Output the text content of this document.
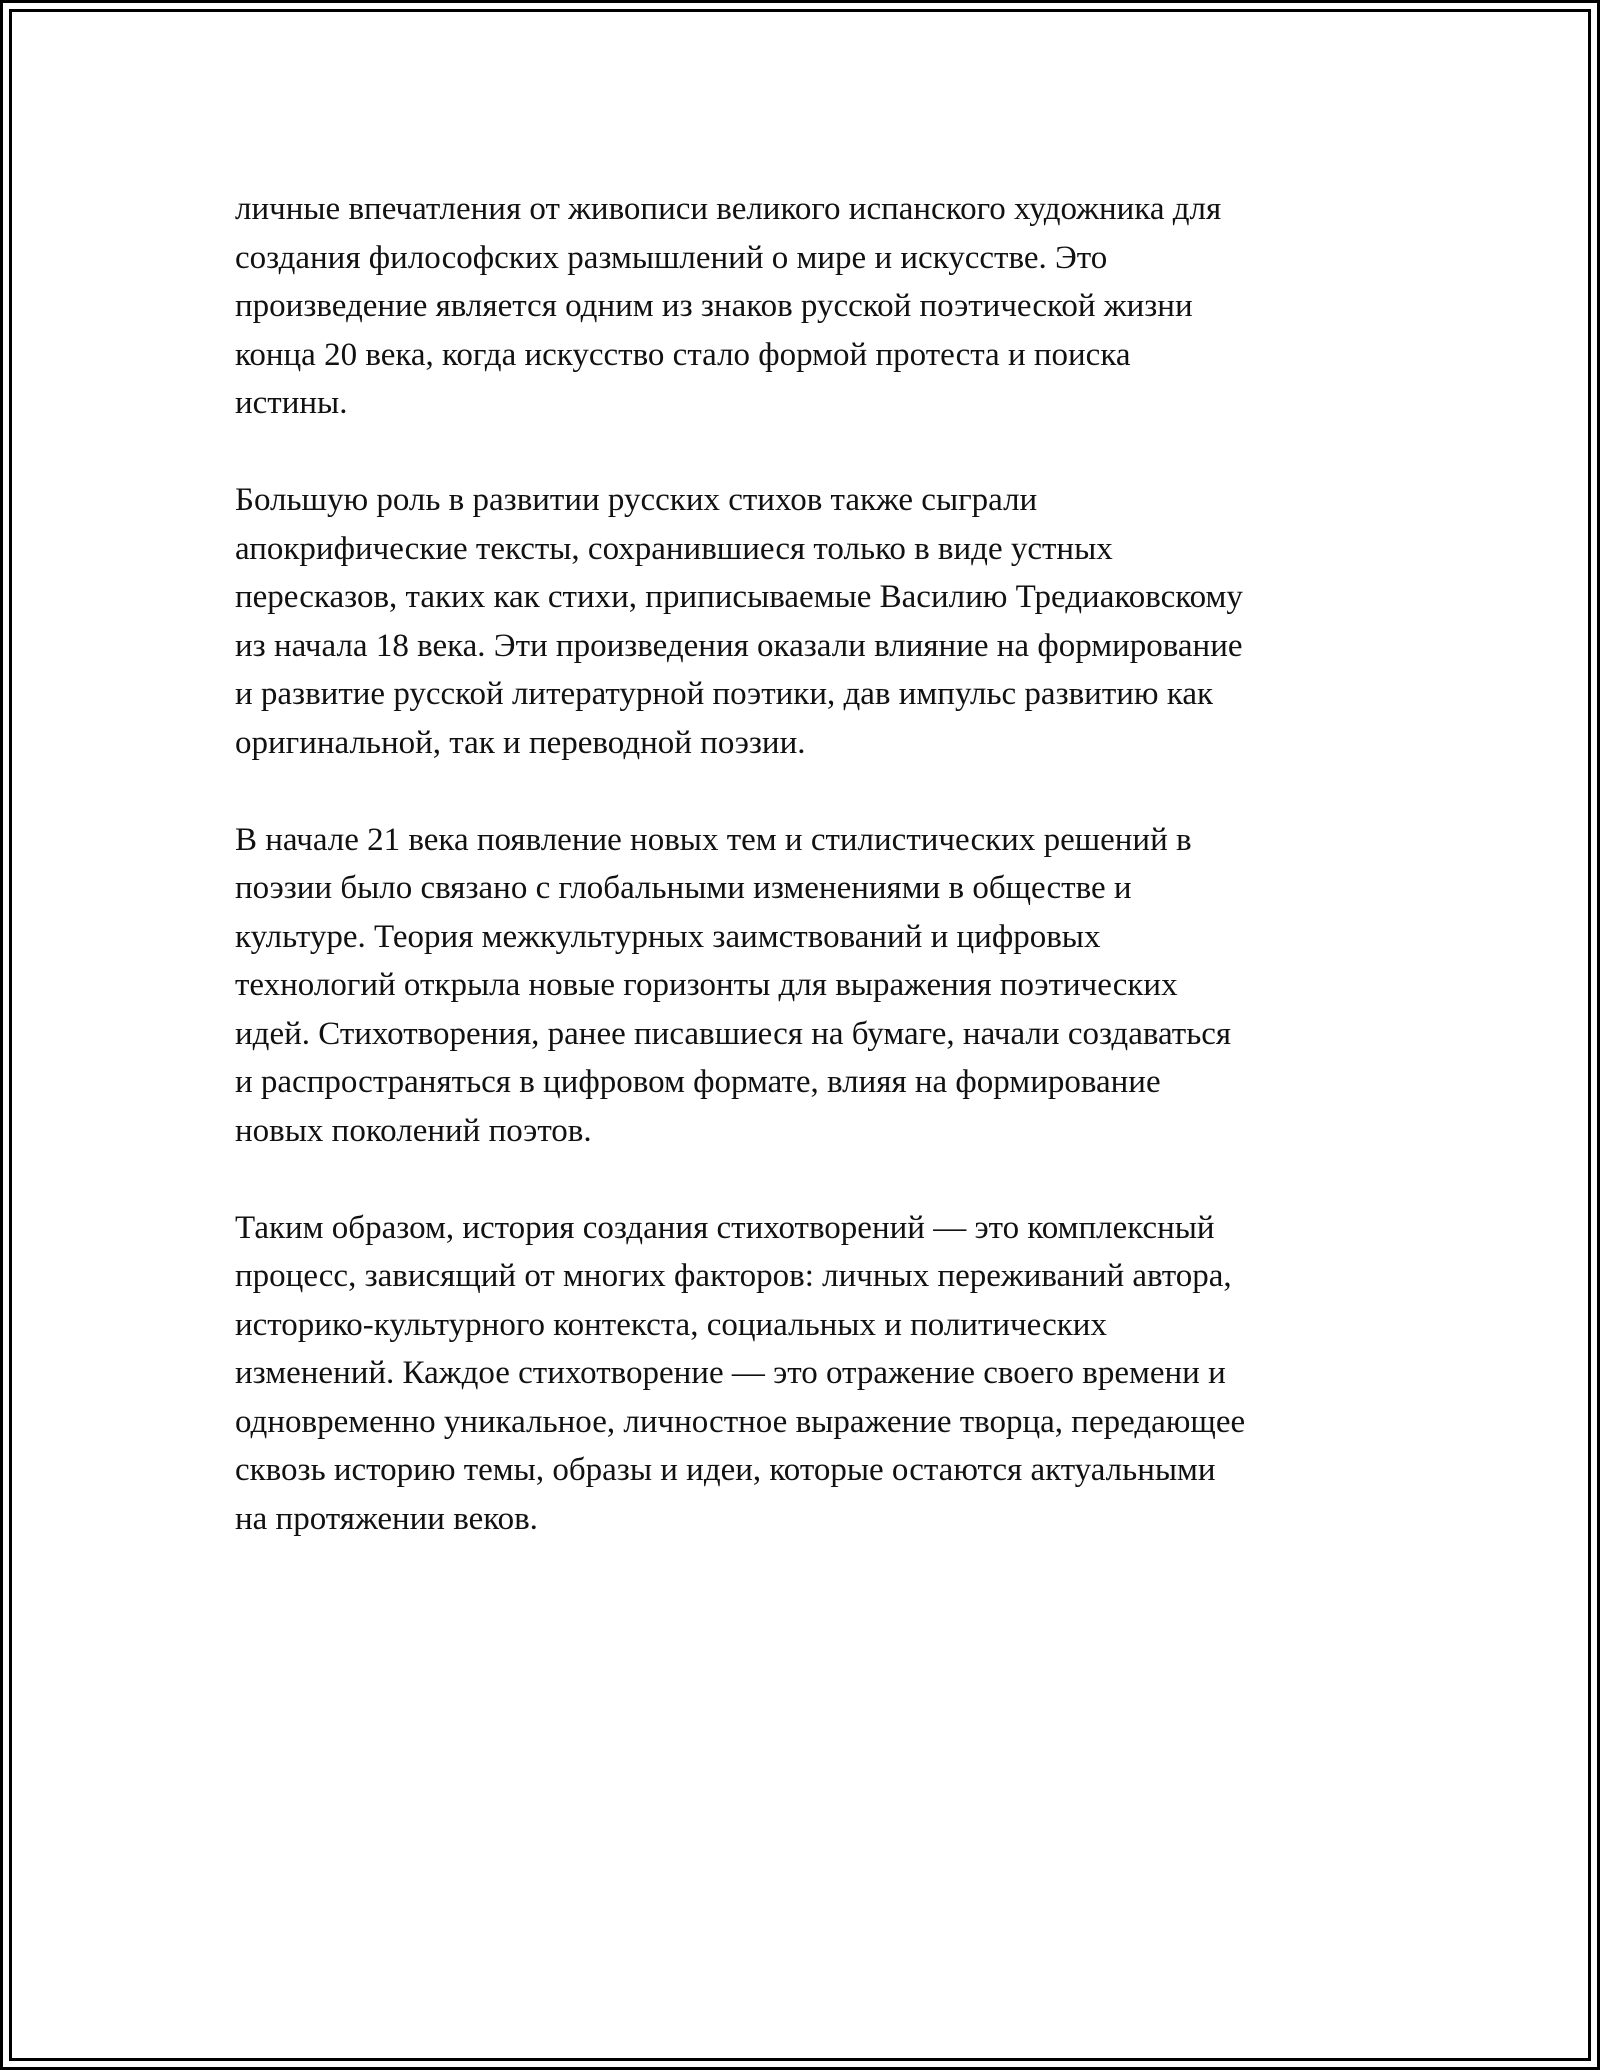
личные впечатления от живописи великого испанского художника для
создания философских размышлений о мире и искусстве. Это
произведение является одним из знаков русской поэтической жизни
конца 20 века, когда искусство стало формой протеста и поиска
истины.

Большую роль в развитии русских стихов также сыграли
апокрифические тексты, сохранившиеся только в виде устных
пересказов, таких как стихи, приписываемые Василию Тредиаковскому
из начала 18 века. Эти произведения оказали влияние на формирование
и развитие русской литературной поэтики, дав импульс развитию как
оригинальной, так и переводной поэзии.

В начале 21 века появление новых тем и стилистических решений в
поэзии было связано с глобальными изменениями в обществе и
культуре. Теория межкультурных заимствований и цифровых
технологий открыла новые горизонты для выражения поэтических
идей. Стихотворения, ранее писавшиеся на бумаге, начали создаваться
и распространяться в цифровом формате, влияя на формирование
новых поколений поэтов.

Таким образом, история создания стихотворений — это комплексный
процесс, зависящий от многих факторов: личных переживаний автора,
историко-культурного контекста, социальных и политических
изменений. Каждое стихотворение — это отражение своего времени и
одновременно уникальное, личностное выражение творца, передающее
сквозь историю темы, образы и идеи, которые остаются актуальными
на протяжении веков.
